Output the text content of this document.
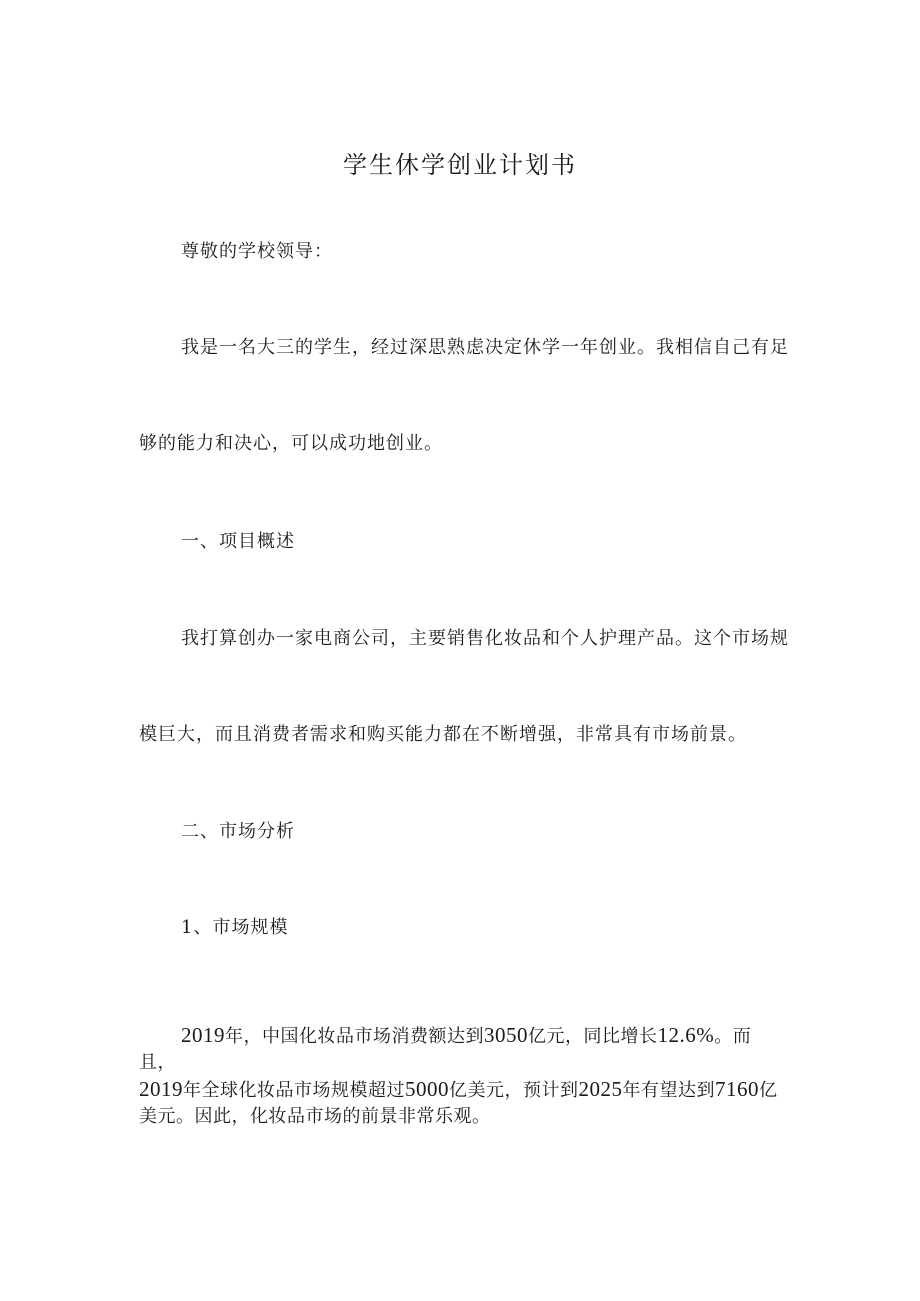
学生休学创业计划书
尊敬的学校领导：
我是一名大三的学生，经过深思熟虑决定休学一年创业。我相信自己有足
够的能力和决心，可以成功地创业。
一、项目概述
我打算创办一家电商公司，主要销售化妆品和个人护理产品。这个市场规
模巨大，而且消费者需求和购买能力都在不断增强，非常具有市场前景。
二、市场分析
1、市场规模
2019年，中国化妆品市场消费额达到3050亿元，同比增长12.6%。而且，
2019年全球化妆品市场规模超过5000亿美元，预计到2025年有望达到7160亿
美元。因此，化妆品市场的前景非常乐观。
